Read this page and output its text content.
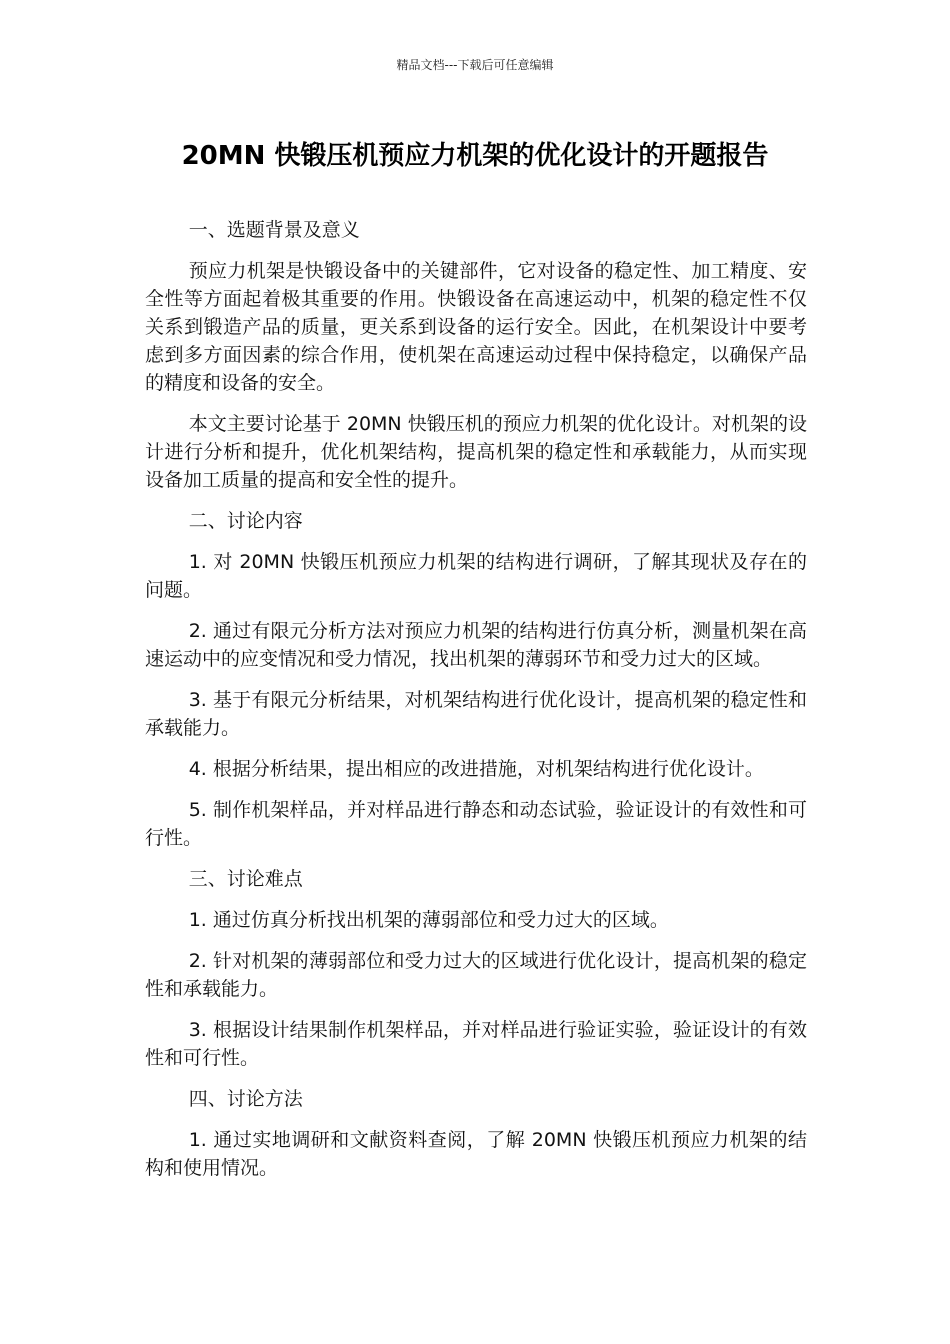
精品文档---下载后可任意编辑
20MN 快锻压机预应力机架的优化设计的开题报告

一、选题背景及意义

预应力机架是快锻设备中的关键部件，它对设备的稳定性、加工精度、安全性等方面起着极其重要的作用。快锻设备在高速运动中，机架的稳定性不仅关系到锻造产品的质量，更关系到设备的运行安全。因此，在机架设计中要考虑到多方面因素的综合作用，使机架在高速运动过程中保持稳定，以确保产品的精度和设备的安全。

本文主要讨论基于 20MN 快锻压机的预应力机架的优化设计。对机架的设计进行分析和提升，优化机架结构，提高机架的稳定性和承载能力，从而实现设备加工质量的提高和安全性的提升。

二、讨论内容

1. 对 20MN 快锻压机预应力机架的结构进行调研，了解其现状及存在的问题。

2. 通过有限元分析方法对预应力机架的结构进行仿真分析，测量机架在高速运动中的应变情况和受力情况，找出机架的薄弱环节和受力过大的区域。

3. 基于有限元分析结果，对机架结构进行优化设计，提高机架的稳定性和承载能力。

4. 根据分析结果，提出相应的改进措施，对机架结构进行优化设计。

5. 制作机架样品，并对样品进行静态和动态试验，验证设计的有效性和可行性。

三、讨论难点

1. 通过仿真分析找出机架的薄弱部位和受力过大的区域。

2. 针对机架的薄弱部位和受力过大的区域进行优化设计，提高机架的稳定性和承载能力。

3. 根据设计结果制作机架样品，并对样品进行验证实验，验证设计的有效性和可行性。

四、讨论方法

1. 通过实地调研和文献资料查阅，了解 20MN 快锻压机预应力机架的结构和使用情况。
